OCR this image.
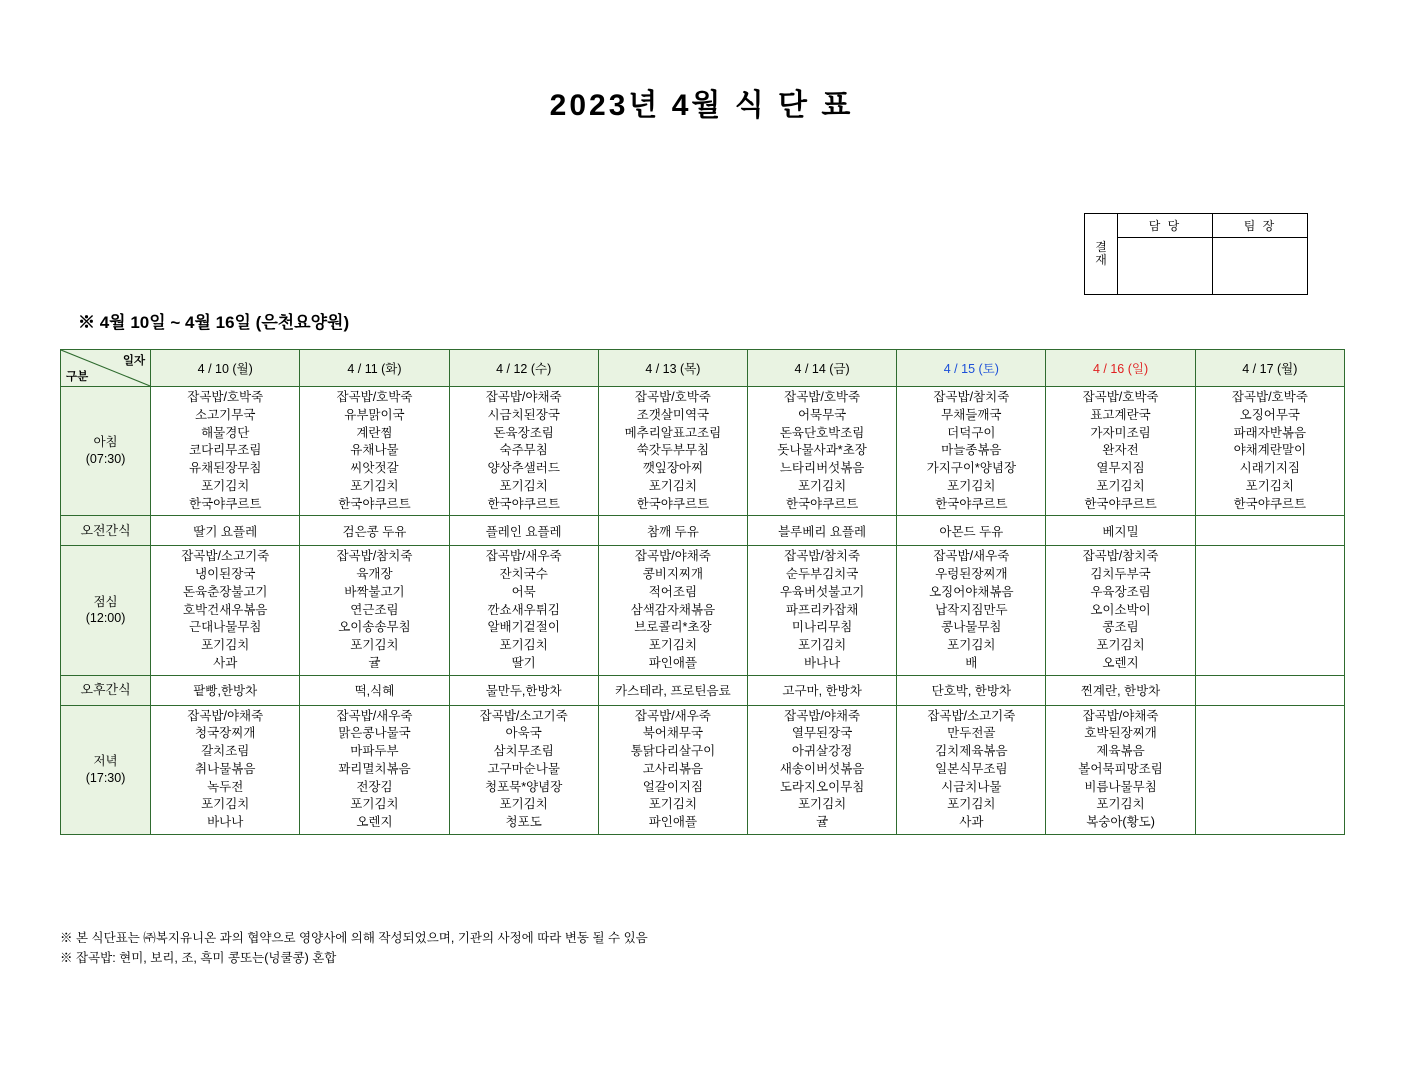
2023년 4월 식 단 표
결
재	담 당	팀 장

※ 4월 10일 ~ 4월 16일 (은천요양원)
일자
구분	4 / 10 (월)	4 / 11 (화)	4 / 12 (수)	4 / 13 (목)	4 / 14 (금)	4 / 15 (토)	4 / 16 (일)	4 / 17 (월)

아침
(07:30)

잡곡밥/호박죽
소고기무국
해물경단
코다리무조림
유채된장무침
포기김치
한국야쿠르트

잡곡밥/호박죽
유부맑이국
계란찜
유채나물
씨앗젓갈
포기김치
한국야쿠르트

잡곡밥/야채죽
시금치된장국
돈육장조림
숙주무침
양상추샐러드
포기김치
한국야쿠르트

잡곡밥/호박죽
조갯살미역국
메추리알표고조림
쑥갓두부무침
깻잎장아찌
포기김치
한국야쿠르트

잡곡밥/호박죽
어묵무국
돈육단호박조림
돗나물사과*초장
느타리버섯볶음
포기김치
한국야쿠르트

잡곡밥/참치죽
무채들깨국
더덕구이
마늘종볶음
가지구이*양념장
포기김치
한국야쿠르트

잡곡밥/호박죽
표고계란국
가자미조림
완자전
열무지짐
포기김치
한국야쿠르트

잡곡밥/호박죽
오징어무국
파래자반볶음
야채계란말이
시래기지짐
포기김치
한국야쿠르트

오전간식	딸기 요플레	검은콩 두유	플레인 요플레	참깨 두유	블루베리 요플레	아몬드 두유	베지밀	

점심
(12:00)

잡곡밥/소고기죽
냉이된장국
돈육춘장불고기
호박건새우볶음
근대나물무침
포기김치
사과

잡곡밥/참치죽
육개장
바짝불고기
연근조림
오이송송무침
포기김치
귤

잡곡밥/새우죽
잔치국수
어묵
깐쇼새우튀김
알배기겉절이
포기김치
딸기

잡곡밥/야채죽
콩비지찌개
적어조림
삼색감자채볶음
브로콜리*초장
포기김치
파인애플

잡곡밥/참치죽
순두부김치국
우육버섯불고기
파프리카잡채
미나리무침
포기김치
바나나

잡곡밥/새우죽
우렁된장찌개
오징어야채볶음
납작지짐만두
콩나물무침
포기김치
배

잡곡밥/참치죽
김치두부국
우육장조림
오이소박이
콩조림
포기김치
오렌지

오후간식	팥빵,한방차	떡,식혜	물만두,한방차	카스테라, 프로틴음료	고구마, 한방차	단호박, 한방차	찐계란, 한방차	

저녁
(17:30)

잡곡밥/야채죽
청국장찌개
갈치조림
취나물볶음
녹두전
포기김치
바나나

잡곡밥/새우죽
맑은콩나물국
마파두부
꽈리멸치볶음
전장김
포기김치
오렌지

잡곡밥/소고기죽
아욱국
삼치무조림
고구마순나물
청포묵*양념장
포기김치
청포도

잡곡밥/새우죽
북어채무국
통닭다리살구이
고사리볶음
얼갈이지짐
포기김치
파인애플

잡곡밥/야채죽
열무된장국
아귀살강정
새송이버섯볶음
도라지오이무침
포기김치
귤

잡곡밥/소고기죽
만두전골
김치제육볶음
일본식무조림
시금치나물
포기김치
사과

잡곡밥/야채죽
호박된장찌개
제육볶음
볼어묵피망조림
비름나물무침
포기김치
복숭아(황도)

※ 본 식단표는 ㈜복지유니온 과의 협약으로 영양사에 의해 작성되었으며, 기관의 사정에 따라 변동 될 수 있음
※ 잡곡밥: 현미, 보리, 조, 흑미 콩또는(넝쿨콩) 혼합
